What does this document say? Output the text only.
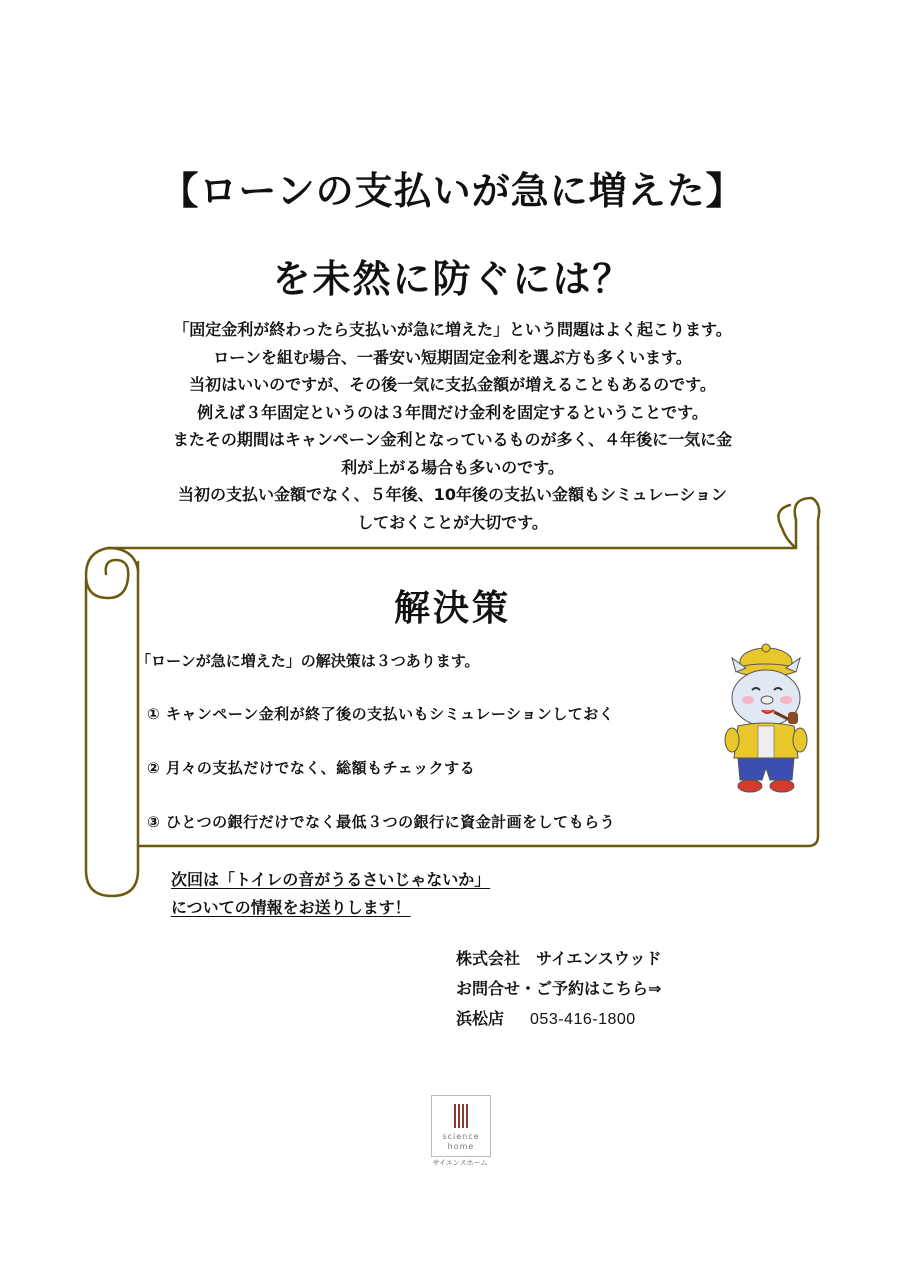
【ローンの支払いが急に増えた】
を未然に防ぐには？

「固定金利が終わったら支払いが急に増えた」という問題はよく起こります。

ローンを組む場合、一番安い短期固定金利を選ぶ方も多くいます。

当初はいいのですが、その後一気に支払金額が増えることもあるのです。

例えば３年固定というのは３年間だけ金利を固定するということです。

またその期間はキャンペーン金利となっているものが多く、４年後に一気に金

利が上がる場合も多いのです。

当初の支払い金額でなく、５年後、10年後の支払い金額もシミュレーション

しておくことが大切です。

解決策
「ローンが急に増えた」の解決策は３つあります。
① キャンペーン金利が終了後の支払いもシミュレーションしておく
② 月々の支払だけでなく、総額もチェックする
③ ひとつの銀行だけでなく最低３つの銀行に資金計画をしてもらう

次回は「トイレの音がうるさいじゃないか」

についての情報をお送りします！

株式会社　サイエンスウッド
お問合せ・ご予約はこちら⇒
浜松店 053-416-1800
science
home
サイエンスホーム
